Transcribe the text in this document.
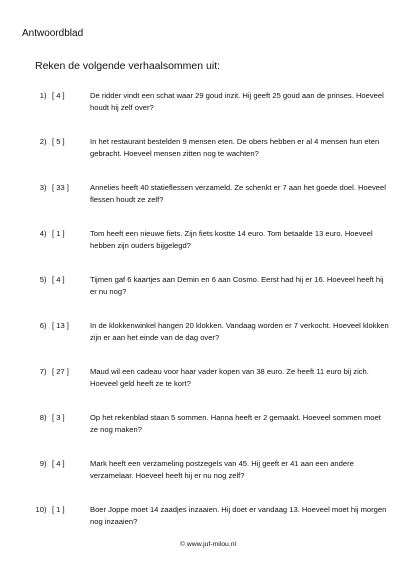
Antwoordblad
Reken de volgende verhaalsommen uit:
1 ) [ 4 ]	De ridder vindt een schat waar 29 goud inzit. Hij geeft 25 goud aan de prinses. Hoeveel houdt hij zelf over?
2 ) [ 5 ]	In het restaurant bestelden 9 mensen eten. De obers hebben er al 4 mensen hun eten gebracht. Hoeveel mensen zitten nog te wachten?
3 ) [ 33 ]	Annelies heeft 40 statieflessen verzameld. Ze schenkt er 7 aan het goede doel. Hoeveel flessen houdt ze zelf?
4 ) [ 1 ]	Tom heeft een nieuwe fiets. Zijn fiets kostte 14 euro. Tom betaalde 13 euro. Hoeveel hebben zijn ouders bijgelegd?
5 ) [ 4 ]	Tijmen gaf 6 kaartjes aan Demin en 6 aan Cosmo. Eerst had hij er 16. Hoeveel heeft hij er nu nog?
6 ) [ 13 ]	In de klokkenwinkel hangen 20 klokken. Vandaag worden er 7 verkocht. Hoeveel klokken zijn er aan het einde van de dag over?
7 ) [ 27 ]	Maud wil een cadeau voor haar vader kopen van 38 euro. Ze heeft 11 euro bij zich. Hoeveel geld heeft ze te kort?
8 ) [ 3 ]	Op het rekenblad staan 5 sommen. Hanna heeft er 2 gemaakt. Hoeveel sommen moet ze nog maken?
9 ) [ 4 ]	Mark heeft een verzameling postzegels van 45. Hij geeft er 41 aan een andere verzamelaar. Hoeveel heeft hij er nu nog zelf?
10 ) [ 1 ]	Boer Joppe moet 14 zaadjes inzaaien. Hij doet er vandaag 13. Hoeveel moet hij morgen nog inzaaien?
© www.juf-milou.nl
